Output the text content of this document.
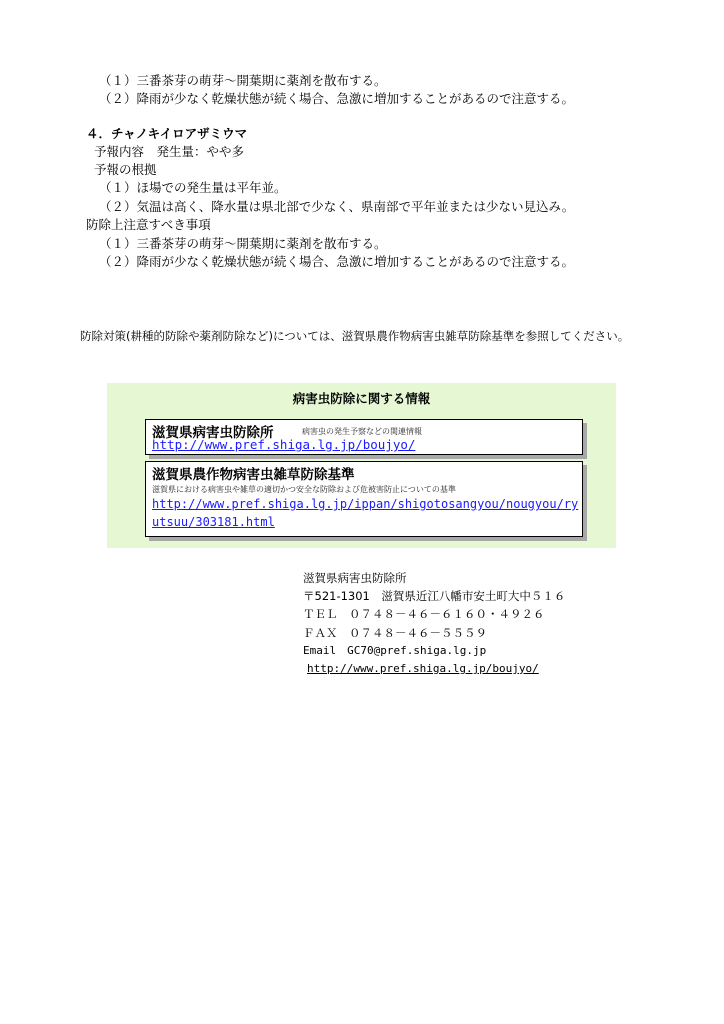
（１）三番茶芽の萌芽～開葉期に薬剤を散布する。
（２）降雨が少なく乾燥状態が続く場合、急激に増加することがあるので注意する。
４．チャノキイロアザミウマ
予報内容　発生量：やや多
予報の根拠
（１）ほ場での発生量は平年並。
（２）気温は高く、降水量は県北部で少なく、県南部で平年並または少ない見込み。
防除上注意すべき事項
（１）三番茶芽の萌芽～開葉期に薬剤を散布する。
（２）降雨が少なく乾燥状態が続く場合、急激に増加することがあるので注意する。
防除対策(耕種的防除や薬剤防除など)については、滋賀県農作物病害虫雑草防除基準を参照してください。
病害虫防除に関する情報
滋賀県病害虫防除所	病害虫の発生予察などの関連情報
http://www.pref.shiga.lg.jp/boujyo/
滋賀県農作物病害虫雑草防除基準
滋賀県における病害虫や雑草の適切かつ安全な防除および危被害防止についての基準
http://www.pref.shiga.lg.jp/ippan/shigotosangyou/nougyou/ry
utsuu/303181.html
滋賀県病害虫防除所
〒521-1301　滋賀県近江八幡市安土町大中５１６
ＴＥＬ　０７４８－４６－６１６０・４９２６
ＦＡＸ　０７４８－４６－５５５９
Email　GC70@pref.shiga.lg.jp
http://www.pref.shiga.lg.jp/boujyo/
